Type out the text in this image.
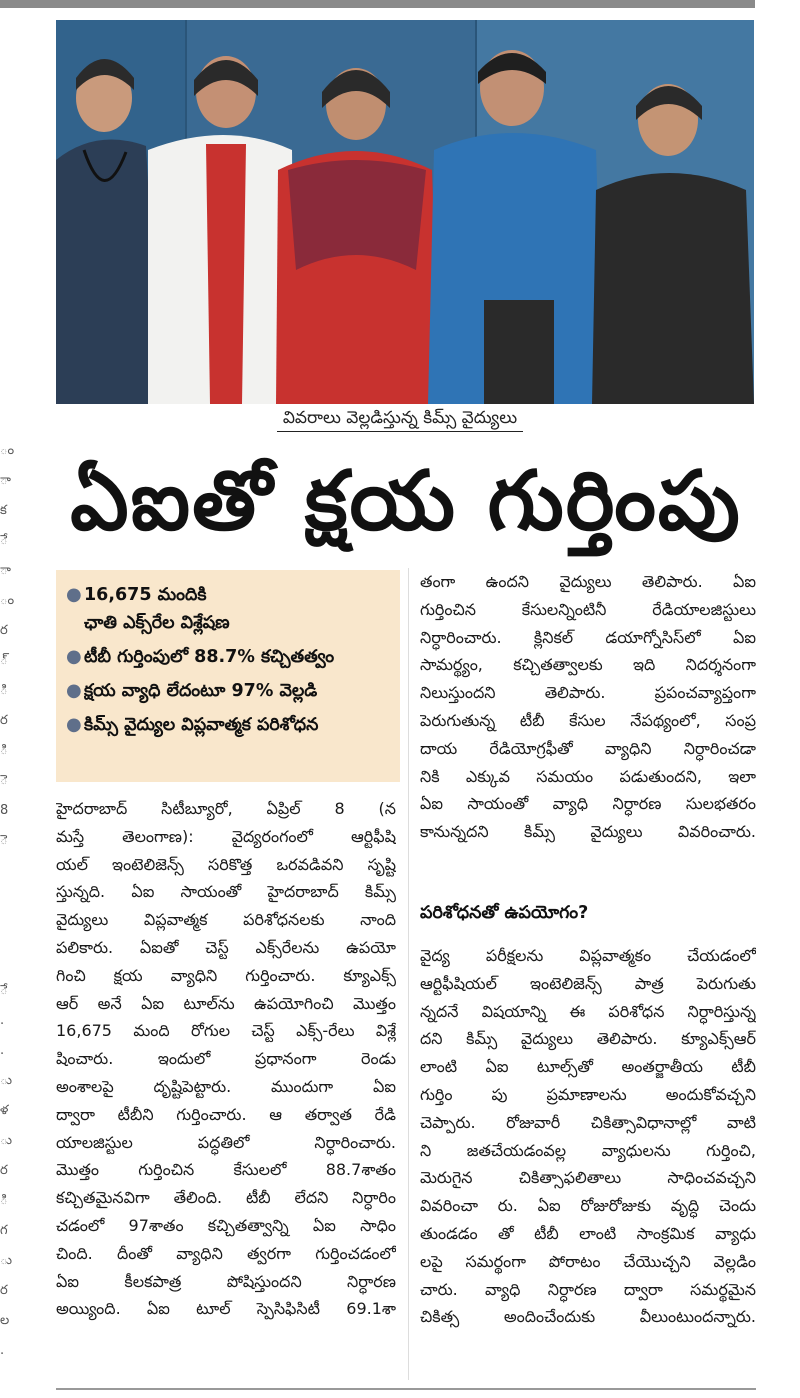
వివరాలు వెల్లడిస్తున్న కిమ్స్ వైద్యులు
ం
ా
క
ే
ా
ం
ర
్
ి
ర
ి
ె
8
ె
ే
.
.
ు
ళ
ు
ర
ి
గ
ు
ర
ల
.
ఏఐతో క్షయ గుర్తింపు
● 16,675 మందికి
ఛాతి ఎక్స్‌రేల విశ్లేషణ
● టీబీ గుర్తింపులో 88.7% కచ్చితత్వం
● క్షయ వ్యాధి లేదంటూ 97% వెల్లడి
● కిమ్స్ వైద్యుల విప్లవాత్మక పరిశోధన

హైదరాబాద్ సిటీబ్యూరో, ఏప్రిల్ 8 (న

మస్తే తెలంగాణ): వైద్యరంగంలో ఆర్టిఫీషి

యల్ ఇంటెలిజెన్స్ సరికొత్త ఒరవడివని సృష్టి

స్తున్నది. ఏఐ సాయంతో హైదరాబాద్ కిమ్స్

వైద్యులు విప్లవాత్మక పరిశోధనలకు నాంది

పలికారు. ఏఐతో చెస్ట్ ఎక్స్‌రేలను ఉపయో

గించి క్షయ వ్యాధిని గుర్తించారు. క్యూఎక్స్

ఆర్ అనే ఏఐ టూల్‌ను ఉపయోగించి మొత్తం

16,675 మంది రోగుల చెస్ట్ ఎక్స్-రేలు విశ్లే

షించారు. ఇందులో ప్రధానంగా రెండు

అంశాలపై దృష్టిపెట్టారు. ముందుగా ఏఐ

ద్వారా టీబీని గుర్తించారు. ఆ తర్వాత రేడి

యాలజిస్టుల పద్ధతిలో నిర్ధారించారు.

మొత్తం గుర్తించిన కేసులలో 88.7శాతం

కచ్చితమైనవిగా తేలింది. టీబీ లేదని నిర్ధారిం

చడంలో 97శాతం కచ్చితత్వాన్ని ఏఐ సాధిం

చింది. దీంతో వ్యాధిని త్వరగా గుర్తించడంలో

ఏఐ కీలకపాత్ర పోషిస్తుందని నిర్ధారణ

అయ్యింది. ఏఐ టూల్ స్పెసిఫిసిటీ 69.1శా

తంగా ఉందని వైద్యులు తెలిపారు. ఏఐ

గుర్తించిన కేసులన్నింటినీ రేడియాలజిస్టులు

నిర్ధారించారు. క్లినికల్ డయాగ్నోసిస్‌లో ఏఐ

సామర్థ్యం, కచ్చితత్వాలకు ఇది నిదర్శనంగా

నిలుస్తుందని తెలిపారు. ప్రపంచవ్యాప్తంగా

పెరుగుతున్న టీబీ కేసుల నేపథ్యంలో, సంప్ర

దాయ రేడియోగ్రఫీతో వ్యాధిని నిర్ధారించడా

నికి ఎక్కువ సమయం పడుతుందని, ఇలా

ఏఐ సాయంతో వ్యాధి నిర్ధారణ సులభతరం

కానున్నదని కిమ్స్ వైద్యులు వివరించారు.

పరిశోధనతో ఉపయోగం?

వైద్య పరీక్షలను విప్లవాత్మకం చేయడంలో

ఆర్టిఫీషియల్ ఇంటెలిజెన్స్ పాత్ర పెరుగుతు

న్నదనే విషయాన్ని ఈ పరిశోధన నిర్ధారిస్తున్న

దని కిమ్స్ వైద్యులు తెలిపారు. క్యూఎక్స్‌ఆర్

లాంటి ఏఐ టూల్స్‌తో అంతర్జాతీయ టీబీ

గుర్తిం పు ప్రమాణాలను అందుకోవచ్చని

చెప్పారు. రోజువారీ చికిత్సావిధానాల్లో వాటి

ని జతచేయడంవల్ల వ్యాధులను గుర్తించి,

మెరుగైన చికిత్సాఫలితాలు సాధించవచ్చని

వివరించా రు. ఏఐ రోజురోజుకు వృద్ధి చెందు

తుండడం తో టీబీ లాంటి సాంక్రమిక వ్యాధు

లపై సమర్థంగా పోరాటం చేయొచ్చని వెల్లడిం

చారు. వ్యాధి నిర్ధారణ ద్వారా సమర్థమైన

చికిత్స అందించేందుకు వీలుంటుందన్నారు.
